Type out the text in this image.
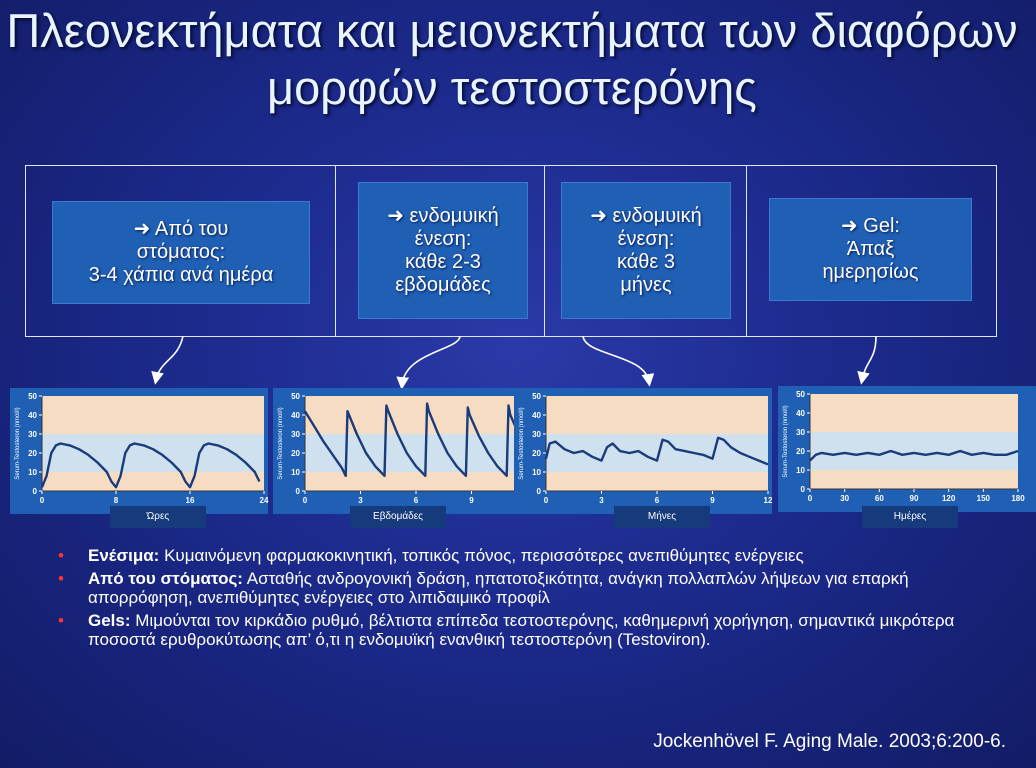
Πλεονεκτήματα και μειονεκτήματα των διαφόρων μορφών τεστοστερόνης
➜ Από του
στόματος:
3-4 χάπια ανά ημέρα
➜ ενδομυική
ένεση:
κάθε 2-3
εβδομάδες
➜ ενδομυική
ένεση:
κάθε 3
μήνες
➜ Gel:
Άπαξ
ημερησίως
0
10
20
30
40
50
0	8	16	24
Serum-Testosteron (nmol/l)
0
10
20
30
40
50
0	3	6	9
Serum-Testosteron (nmol/l)
0
10
20
30
40
50
0	3	6	9	12
Serum-Testosteron (nmol/l)
0
10
20
30
40
50
0	30	60	90	120	150	180
Serum-Testosteron (nmol/l)
Ώρες	Εβδομάδες	Μήνες	Ημέρες
• Ενέσιμα: Κυμαινόμενη φαρμακοκινητική, τοπικός πόνος, περισσότερες ανεπιθύμητες ενέργειες
• Από του στόματος: Ασταθής ανδρογονική δράση, ηπατοτοξικότητα, ανάγκη πολλαπλών λήψεων για επαρκή απορρόφηση, ανεπιθύμητες ενέργειες στο λιπιδαιμικό προφίλ
• Gels: Μιμούνται τον κιρκάδιο ρυθμό, βέλτιστα επίπεδα τεστοστερόνης, καθημερινή χορήγηση, σημαντικά μικρότερα ποσοστά ερυθροκύτωσης απ’ ό,τι η ενδομυϊκή ενανθική τεστοστερόνη (Testoviron).
Jockenhövel F. Aging Male. 2003;6:200-6.
